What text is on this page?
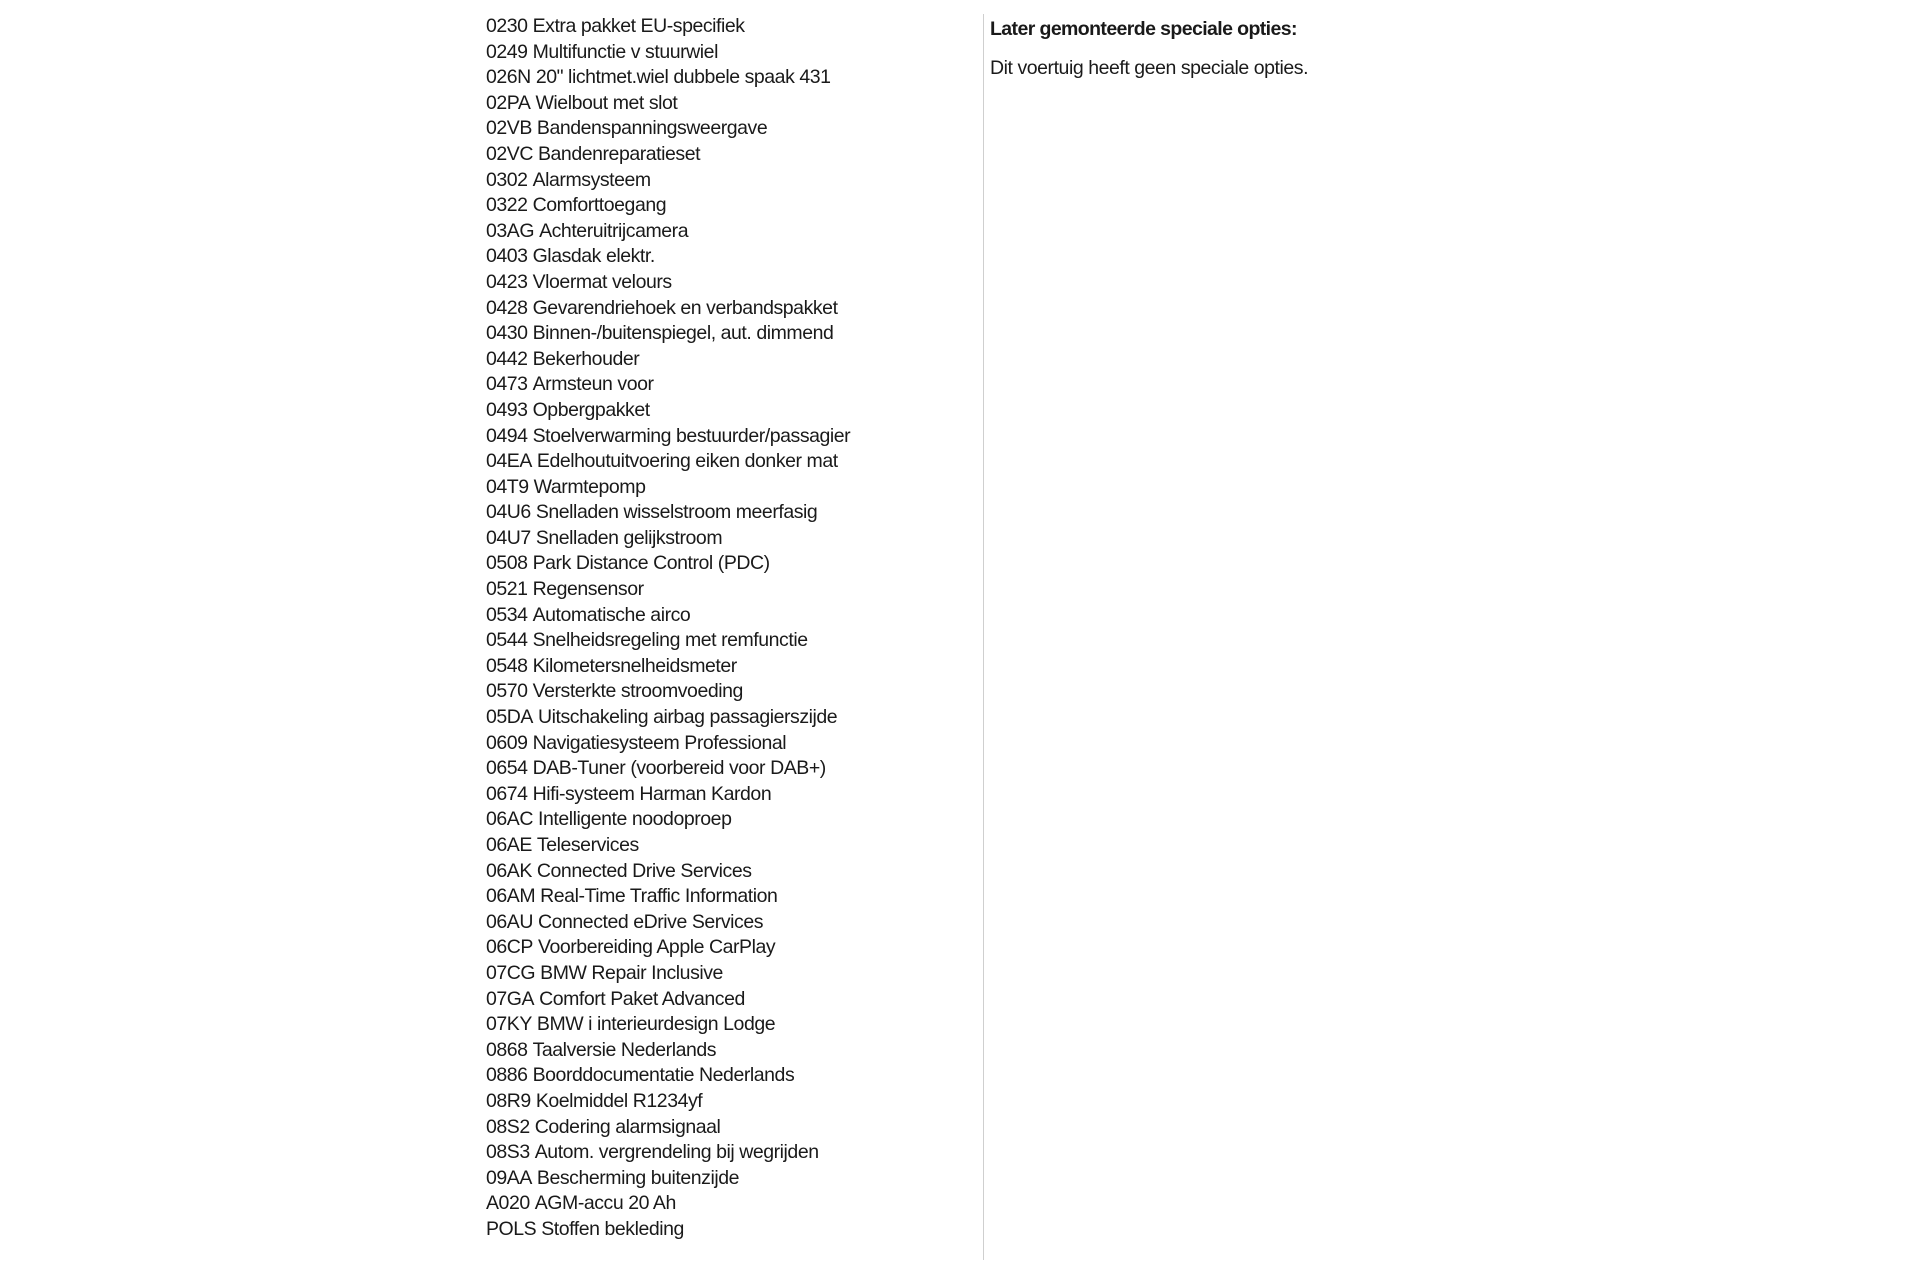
0230 Extra pakket EU-specifiek
0249 Multifunctie v stuurwiel
026N 20" lichtmet.wiel dubbele spaak 431
02PA Wielbout met slot
02VB Bandenspanningsweergave
02VC Bandenreparatieset
0302 Alarmsysteem
0322 Comforttoegang
03AG Achteruitrijcamera
0403 Glasdak elektr.
0423 Vloermat velours
0428 Gevarendriehoek en verbandspakket
0430 Binnen-/buitenspiegel, aut. dimmend
0442 Bekerhouder
0473 Armsteun voor
0493 Opbergpakket
0494 Stoelverwarming bestuurder/passagier
04EA Edelhoutuitvoering eiken donker mat
04T9 Warmtepomp
04U6 Snelladen wisselstroom meerfasig
04U7 Snelladen gelijkstroom
0508 Park Distance Control (PDC)
0521 Regensensor
0534 Automatische airco
0544 Snelheidsregeling met remfunctie
0548 Kilometersnelheidsmeter
0570 Versterkte stroomvoeding
05DA Uitschakeling airbag passagierszijde
0609 Navigatiesysteem Professional
0654 DAB-Tuner (voorbereid voor DAB+)
0674 Hifi-systeem Harman Kardon
06AC Intelligente noodoproep
06AE Teleservices
06AK Connected Drive Services
06AM Real-Time Traffic Information
06AU Connected eDrive Services
06CP Voorbereiding Apple CarPlay
07CG BMW Repair Inclusive
07GA Comfort Paket Advanced
07KY BMW i interieurdesign Lodge
0868 Taalversie Nederlands
0886 Boorddocumentatie Nederlands
08R9 Koelmiddel R1234yf
08S2 Codering alarmsignaal
08S3 Autom. vergrendeling bij wegrijden
09AA Bescherming buitenzijde
A020 AGM-accu 20 Ah
POLS Stoffen bekleding
Later gemonteerde speciale opties:

Dit voertuig heeft geen speciale opties.
